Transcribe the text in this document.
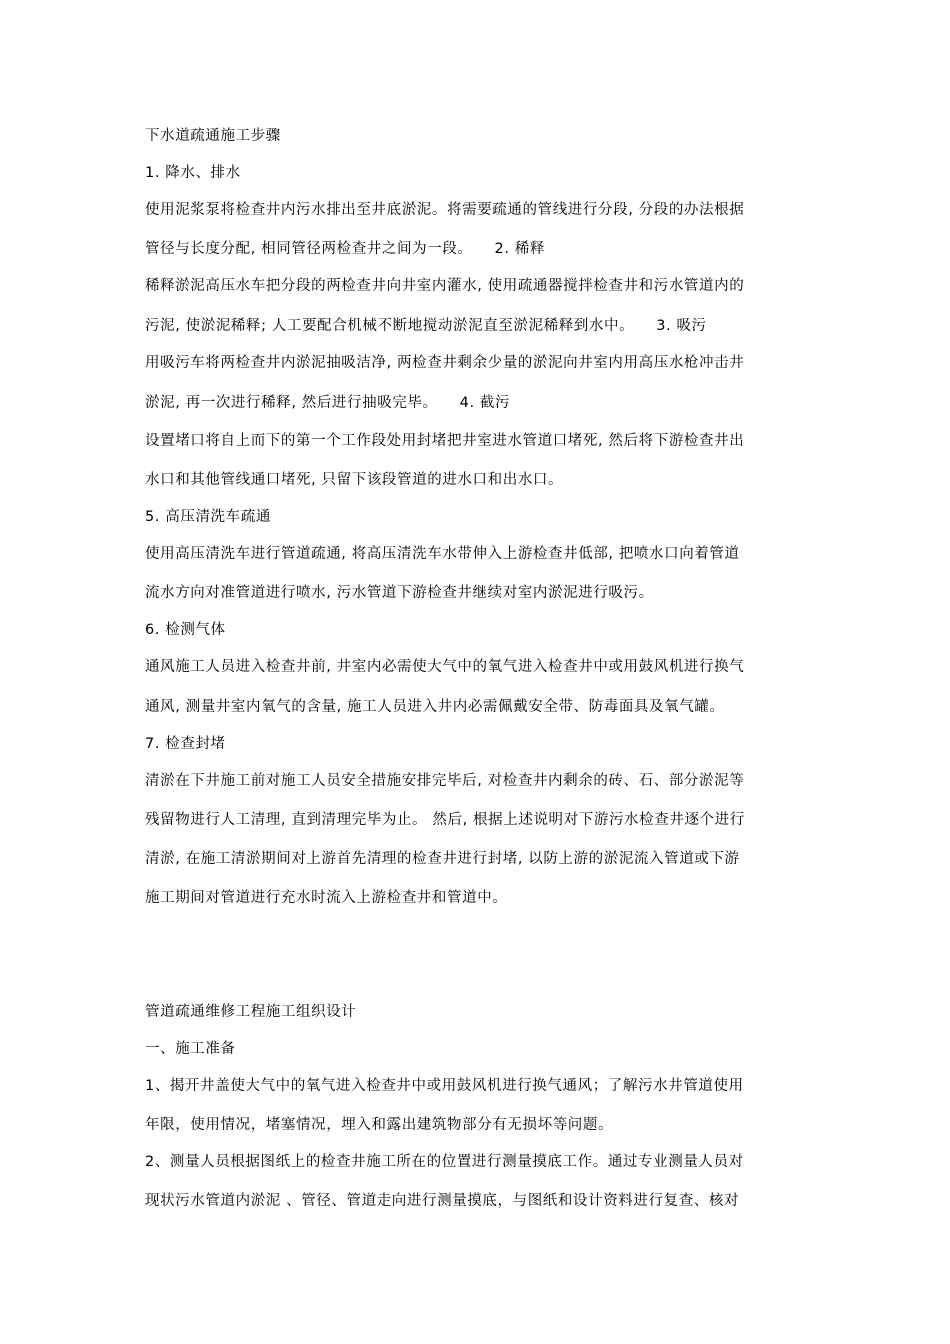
下水道疏通施工步骤
1. 降水、排水
使用泥浆泵将检查井内污水排出至井底淤泥。将需要疏通的管线进行分段, 分段的办法根据
管径与长度分配, 相同管径两检查井之间为一段。 2. 稀释
稀释淤泥高压水车把分段的两检查井向井室内灌水, 使用疏通器搅拌检查井和污水管道内的
污泥, 使淤泥稀释; 人工要配合机械不断地搅动淤泥直至淤泥稀释到水中。 3. 吸污
用吸污车将两检查井内淤泥抽吸洁净, 两检查井剩余少量的淤泥向井室内用高压水枪冲击井
淤泥, 再一次进行稀释, 然后进行抽吸完毕。 4. 截污
设置堵口将自上而下的第一个工作段处用封堵把井室进水管道口堵死, 然后将下游检查井出
水口和其他管线通口堵死, 只留下该段管道的进水口和出水口。
5. 高压清洗车疏通
使用高压清洗车进行管道疏通, 将高压清洗车水带伸入上游检查井低部, 把喷水口向着管道
流水方向对准管道进行喷水, 污水管道下游检查井继续对室内淤泥进行吸污。
6. 检测气体
通风施工人员进入检查井前, 井室内必需使大气中的氧气进入检查井中或用鼓风机进行换气
通风, 测量井室内氧气的含量, 施工人员进入井内必需佩戴安全带、防毒面具及氧气罐。
7. 检查封堵
清淤在下井施工前对施工人员安全措施安排完毕后, 对检查井内剩余的砖、石、部分淤泥等
残留物进行人工清理, 直到清理完毕为止。 然后, 根据上述说明对下游污水检查井逐个进行
清淤, 在施工清淤期间对上游首先清理的检查井进行封堵, 以防上游的淤泥流入管道或下游
施工期间对管道进行充水时流入上游检查井和管道中。
管道疏通维修工程施工组织设计
一、施工准备
1、揭开井盖使大气中的氧气进入检查井中或用鼓风机进行换气通风；了解污水井管道使用
年限，使用情况，堵塞情况，埋入和露出建筑物部分有无损坏等问题。
2、测量人员根据图纸上的检查井施工所在的位置进行测量摸底工作。通过专业测量人员对
现状污水管道内淤泥 、管径、管道走向进行测量摸底，与图纸和设计资料进行复查、核对
